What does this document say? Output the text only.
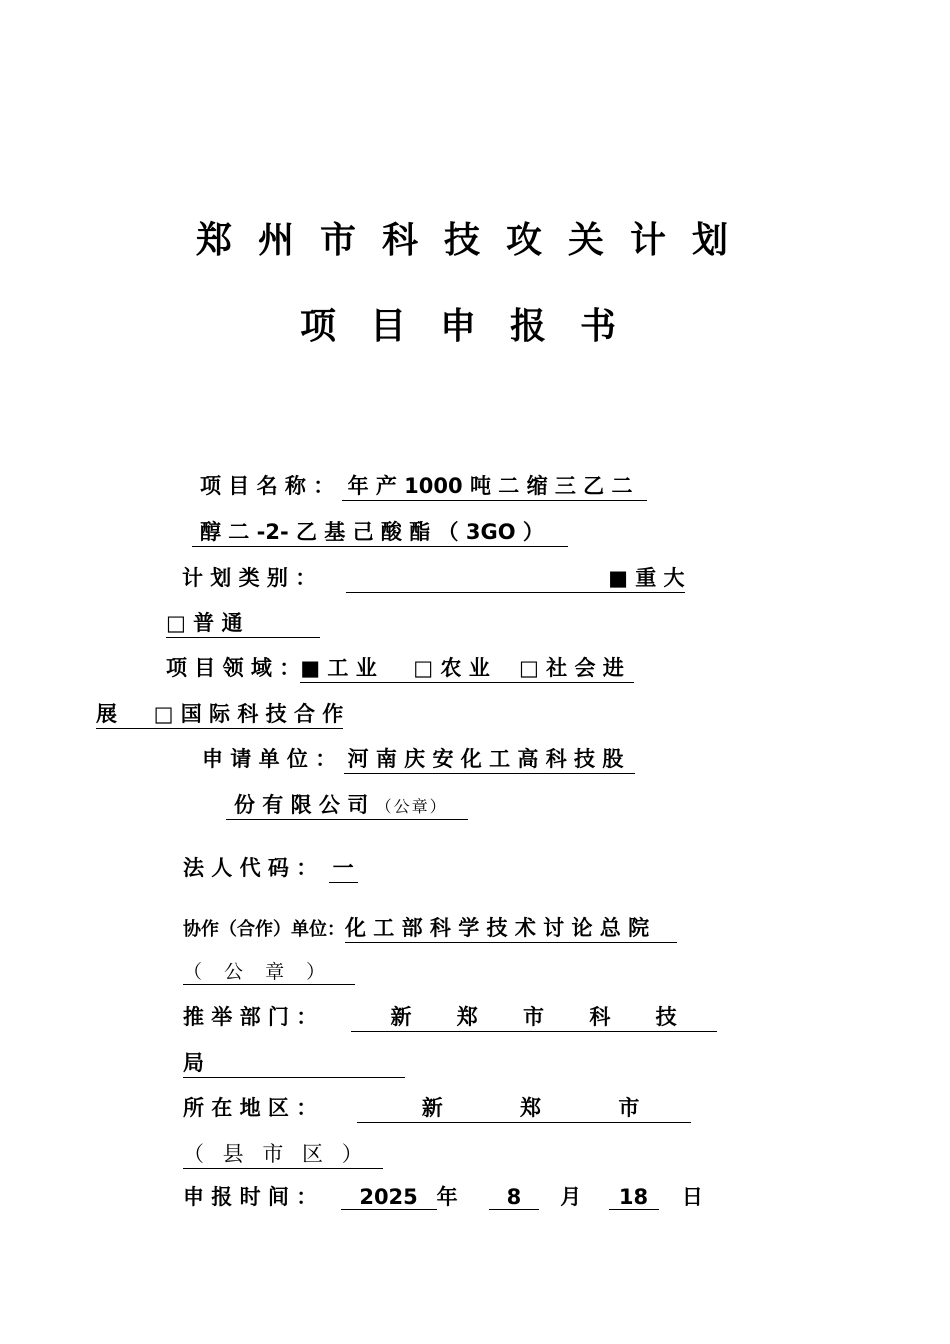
郑州市科技攻关计划
项目申报书
项 目 名 称 ： 年 产 1000 吨 二 缩 三 乙 二
醇 二 -2- 乙 基 己 酸 酯 （ 3GO ）
计 划 类 别 ：	■ 重 大
□ 普 通
项 目 领 域 ：■ 工 业 □ 农 业 □ 社 会 进
展 □ 国 际 科 技 合 作
申 请 单 位 ： 河 南 庆 安 化 工 高 科 技 股
份 有 限 公 司 （公章）
法 人 代 码 ： 一
协作（合作）单位：化 工 部 科 学 技 术 讨 论 总 院
（ 公 章 ）
推 举 部 门 ：	新 郑 市 科 技
局
所 在 地 区 ：	新 郑 市
（ 县 市 区 ）
申 报 时 间 ： 2025 年 8 月 18 日
